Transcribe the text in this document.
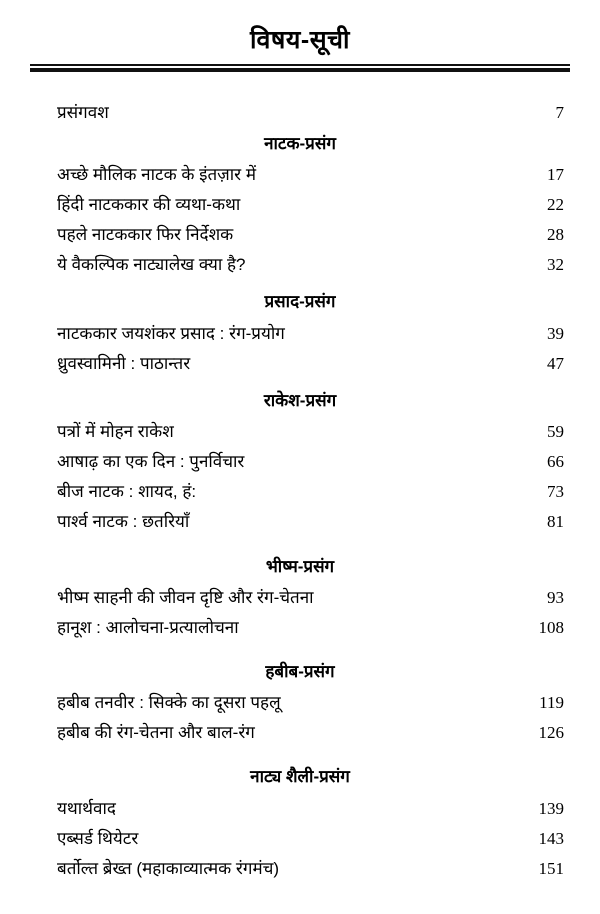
विषय-सूची
प्रसंगवश	7
नाटक-प्रसंग
अच्छे मौलिक नाटक के इंतज़ार में	17
हिंदी नाटककार की व्यथा-कथा	22
पहले नाटककार फिर निर्देशक	28
ये वैकल्पिक नाट्यालेख क्या है?	32
प्रसाद-प्रसंग
नाटककार जयशंकर प्रसाद : रंग-प्रयोग	39
ध्रुवस्वामिनी : पाठान्तर	47
राकेश-प्रसंग
पत्रों में मोहन राकेश	59
आषाढ़ का एक दिन : पुनर्विचार	66
बीज नाटक : शायद, हं:	73
पार्श्व नाटक : छतरियाँ	81
भीष्म-प्रसंग
भीष्म साहनी की जीवन दृष्टि और रंग-चेतना	93
हानूश : आलोचना-प्रत्यालोचना	108
हबीब-प्रसंग
हबीब तनवीर : सिक्के का दूसरा पहलू	119
हबीब की रंग-चेतना और बाल-रंग	126
नाट्य शैली-प्रसंग
यथार्थवाद	139
एब्सर्ड थियेटर	143
बर्तोल्त ब्रेख्त (महाकाव्यात्मक रंगमंच)	151
